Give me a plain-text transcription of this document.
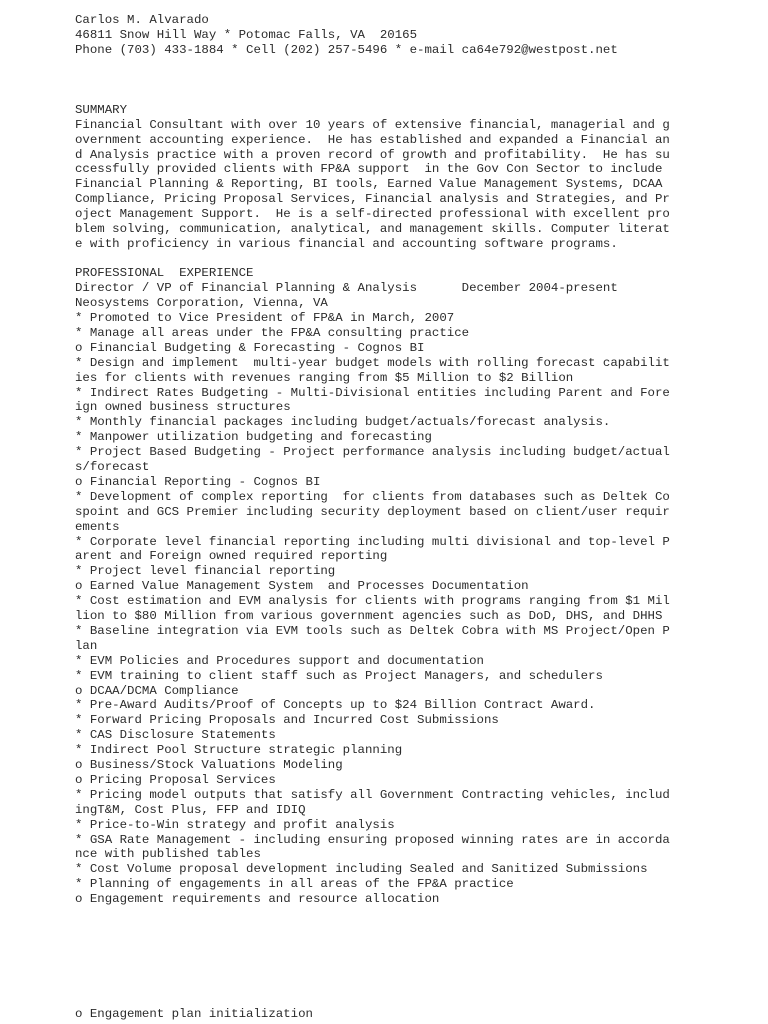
Carlos M. Alvarado
46811 Snow Hill Way * Potomac Falls, VA  20165
Phone (703) 433-1884 * Cell (202) 257-5496 * e-mail ca64e792@westpost.net
SUMMARY
Financial Consultant with over 10 years of extensive financial, managerial and g
overnment accounting experience.  He has established and expanded a Financial an
d Analysis practice with a proven record of growth and profitability.  He has su
ccessfully provided clients with FP&A support  in the Gov Con Sector to include
Financial Planning & Reporting, BI tools, Earned Value Management Systems, DCAA
Compliance, Pricing Proposal Services, Financial analysis and Strategies, and Pr
oject Management Support.  He is a self-directed professional with excellent pro
blem solving, communication, analytical, and management skills. Computer literat
e with proficiency in various financial and accounting software programs.
PROFESSIONAL  EXPERIENCE
Director / VP of Financial Planning & Analysis      December 2004-present
Neosystems Corporation, Vienna, VA
* Promoted to Vice President of FP&A in March, 2007
* Manage all areas under the FP&A consulting practice
o Financial Budgeting & Forecasting - Cognos BI
* Design and implement  multi-year budget models with rolling forecast capabilit
ies for clients with revenues ranging from $5 Million to $2 Billion
* Indirect Rates Budgeting - Multi-Divisional entities including Parent and Fore
ign owned business structures
* Monthly financial packages including budget/actuals/forecast analysis.
* Manpower utilization budgeting and forecasting
* Project Based Budgeting - Project performance analysis including budget/actual
s/forecast
o Financial Reporting - Cognos BI
* Development of complex reporting  for clients from databases such as Deltek Co
spoint and GCS Premier including security deployment based on client/user requir
ements
* Corporate level financial reporting including multi divisional and top-level P
arent and Foreign owned required reporting
* Project level financial reporting
o Earned Value Management System  and Processes Documentation
* Cost estimation and EVM analysis for clients with programs ranging from $1 Mil
lion to $80 Million from various government agencies such as DoD, DHS, and DHHS
* Baseline integration via EVM tools such as Deltek Cobra with MS Project/Open P
lan
* EVM Policies and Procedures support and documentation
* EVM training to client staff such as Project Managers, and schedulers
o DCAA/DCMA Compliance
* Pre-Award Audits/Proof of Concepts up to $24 Billion Contract Award.
* Forward Pricing Proposals and Incurred Cost Submissions
* CAS Disclosure Statements
* Indirect Pool Structure strategic planning
o Business/Stock Valuations Modeling
o Pricing Proposal Services
* Pricing model outputs that satisfy all Government Contracting vehicles, includ
ingT&M, Cost Plus, FFP and IDIQ
* Price-to-Win strategy and profit analysis
* GSA Rate Management - including ensuring proposed winning rates are in accorda
nce with published tables
* Cost Volume proposal development including Sealed and Sanitized Submissions
* Planning of engagements in all areas of the FP&A practice
o Engagement requirements and resource allocation
o Engagement plan initialization
